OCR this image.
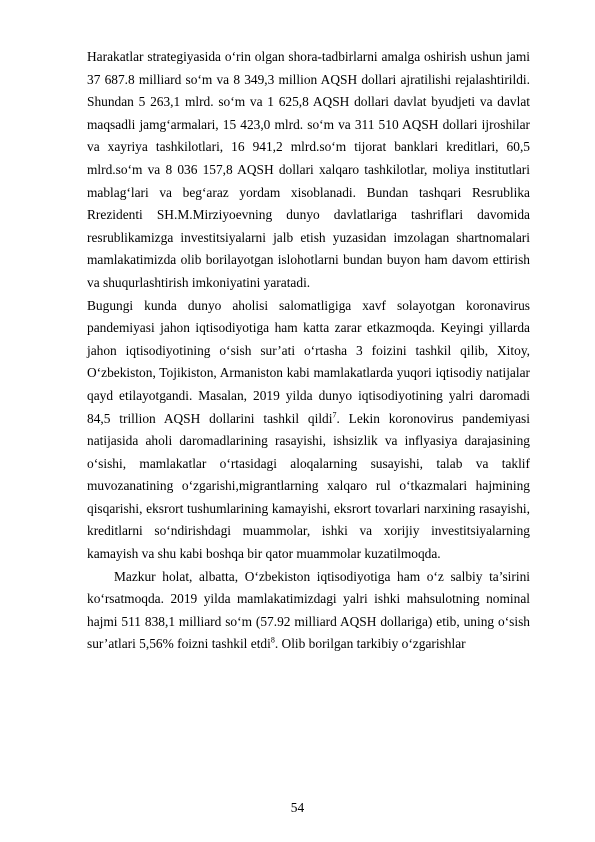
Harakatlar strategiyasida o‘rin olgan shora-tadbirlarni amalga oshirish ushun jami 37 687.8 milliard so‘m va 8 349,3 million AQSH dollari ajratilishi rejalashtirildi. Shundan 5 263,1 mlrd. so‘m va 1 625,8 AQSH dollari davlat byudjeti va davlat maqsadli jamg‘armalari, 15 423,0 mlrd. so‘m va 311 510 AQSH dollari ijroshilar va xayriya tashkilotlari, 16 941,2 mlrd.so‘m tijorat banklari kreditlari, 60,5 mlrd.so‘m va 8 036 157,8 AQSH dollari xalqaro tashkilotlar, moliya institutlari mablag‘lari va beg‘araz yordam xisoblanadi. Bundan tashqari Resrublika Rrezidenti SH.M.Mirziyoevning dunyo davlatlariga tashriflari davomida resrublikamizga investitsiyalarni jalb etish yuzasidan imzolagan shartnomalari mamlakatimizda olib borilayotgan islohotlarni bundan buyon ham davom ettirish va shuqurlashtirish imkoniyatini yaratadi.

Bugungi kunda dunyo aholisi salomatligiga xavf solayotgan koronavirus pandemiyasi jahon iqtisodiyotiga ham katta zarar etkazmoqda. Keyingi yillarda jahon iqtisodiyotining o‘sish sur’ati o‘rtasha 3 foizini tashkil qilib, Xitoy, O‘zbekiston, Tojikiston, Armaniston kabi mamlakatlarda yuqori iqtisodiy natijalar qayd etilayotgandi. Masalan, 2019 yilda dunyo iqtisodiyotining yalri daromadi 84,5 trillion AQSH dollarini tashkil qildi$^7$. Lekin koronovirus pandemiyasi natijasida aholi daromadlarining rasayishi, ishsizlik va inflyasiya darajasining o‘sishi, mamlakatlar o‘rtasidagi aloqalarning susayishi, talab va taklif muvozanatining o‘zgarishi,migrantlarning xalqaro rul o‘tkazmalari hajmining qisqarishi, eksrort tushumlarining kamayishi, eksrort tovarlari narxining rasayishi, kreditlarni so‘ndirishdagi muammolar, ishki va xorijiy investitsiyalarning kamayish va shu kabi boshqa bir qator muammolar kuzatilmoqda.

Mazkur holat, albatta, O‘zbekiston iqtisodiyotiga ham o‘z salbiy ta’sirini ko‘rsatmoqda. 2019 yilda mamlakatimizdagi yalri ishki mahsulotning nominal hajmi 511 838,1 milliard so‘m (57.92 milliard AQSH dollariga) etib, uning o‘sish sur’atlari 5,56% foizni tashkil etdi$^8$. Olib borilgan tarkibiy o‘zgarishlar

54
